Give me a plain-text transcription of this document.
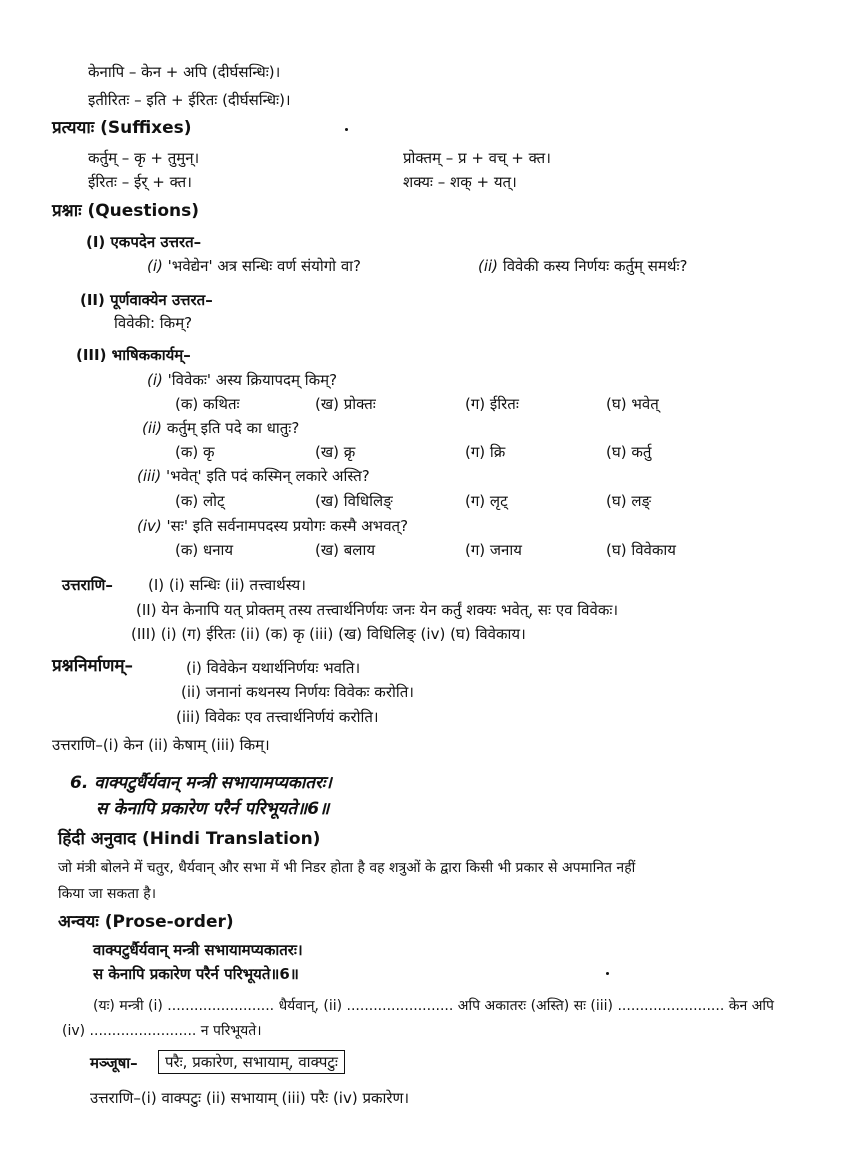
केनापि – केन + अपि (दीर्घसन्धिः)।
इतीरितः – इति + ईरितः (दीर्घसन्धिः)।
प्रत्ययाः (Suffixes)
कर्तुम् – कृ + तुमुन्।	प्रोक्तम् – प्र + वच् + क्त।
ईरितः – ईर् + क्त।	शक्यः – शक् + यत्।
प्रश्नाः (Questions)
(I) एकपदेन उत्तरत–
(i) 'भवेद्येन' अत्र सन्धिः वर्ण संयोगो वा?	(ii) विवेकी कस्य निर्णयः कर्तुम् समर्थः?
(II) पूर्णवाक्येन उत्तरत–
विवेकी: किम्?
(III) भाषिककार्यम्–
(i) 'विवेकः' अस्य क्रियापदम् किम्?
(क) कथितः	(ख) प्रोक्तः	(ग) ईरितः	(घ) भवेत्
(ii) कर्तुम् इति पदे का धातुः?
(क) कृ	(ख) क्रृ	(ग) क्रि	(घ) कर्तु
(iii) 'भवेत्' इति पदं कस्मिन् लकारे अस्ति?
(क) लोट्	(ख) विधिलिङ्	(ग) लृट्	(घ) लङ्
(iv) 'सः' इति सर्वनामपदस्य प्रयोगः कस्मै अभवत्?
(क) धनाय	(ख) बलाय	(ग) जनाय	(घ) विवेकाय
उत्तराणि– (I) (i) सन्धिः (ii) तत्त्वार्थस्य।
(II) येन केनापि यत् प्रोक्तम् तस्य तत्त्वार्थनिर्णयः जनः येन कर्तुं शक्यः भवेत्, सः एव विवेकः।
(III) (i) (ग) ईरितः (ii) (क) कृ (iii) (ख) विधिलिङ् (iv) (घ) विवेकाय।
प्रश्ननिर्माणम्–	(i) विवेकेन यथार्थनिर्णयः भवति।
(ii) जनानां कथनस्य निर्णयः विवेकः करोति।
(iii) विवेकः एव तत्त्वार्थनिर्णयं करोति।
उत्तराणि–(i) केन (ii) केषाम् (iii) किम्।
6. वाक्पटुर्धैर्यवान् मन्त्री सभायामप्यकातरः।
स केनापि प्रकारेण परैर्न परिभूयते॥6॥
हिंदी अनुवाद (Hindi Translation)
जो मंत्री बोलने में चतुर, धैर्यवान् और सभा में भी निडर होता है वह शत्रुओं के द्वारा किसी भी प्रकार से अपमानित नहीं
किया जा सकता है।
अन्वयः (Prose-order)
वाक्पटुर्धैर्यवान् मन्त्री सभायामप्यकातरः।
स केनापि प्रकारेण परैर्न परिभूयते॥6॥
(यः) मन्त्री (i) ........................ धैर्यवान्, (ii) ........................ अपि अकातरः (अस्ति) सः (iii) ........................ केन अपि
(iv) ........................ न परिभूयते।
मञ्जूषा–	परैः, प्रकारेण, सभायाम्, वाक्पटुः
उत्तराणि–(i) वाक्पटुः (ii) सभायाम् (iii) परैः (iv) प्रकारेण।
